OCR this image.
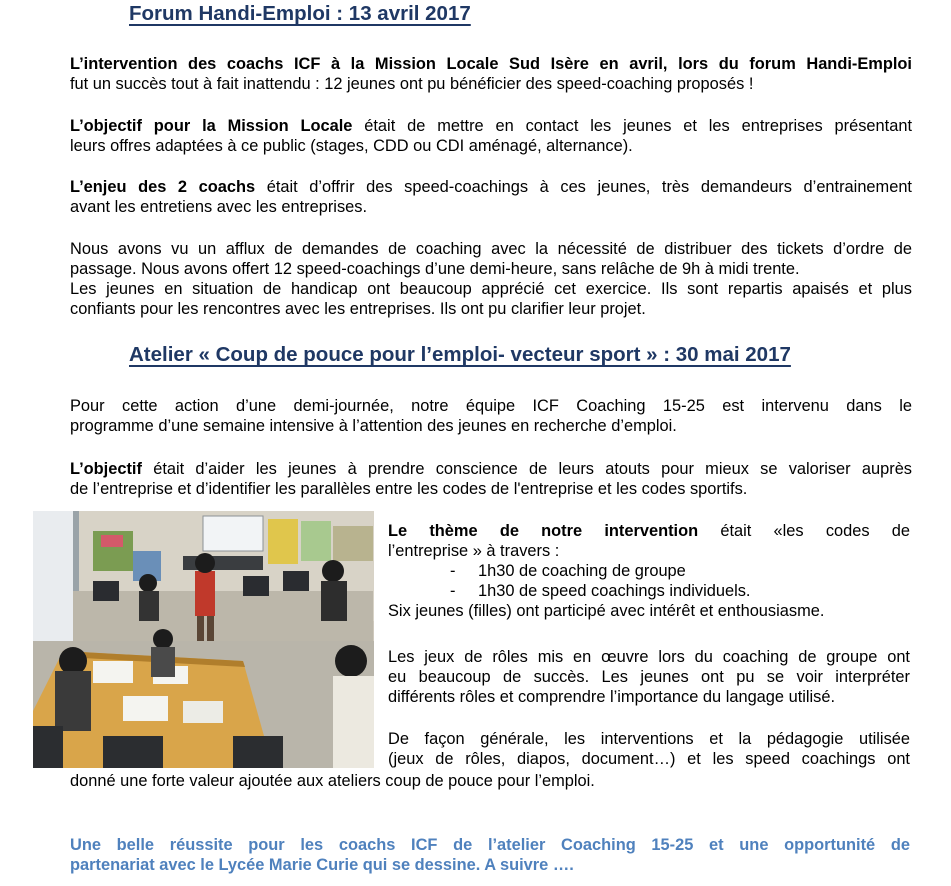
Forum Handi-Emploi : 13 avril 2017

L’intervention des coachs ICF à la Mission Locale Sud Isère en avril, lors du forum Handi-Emploi
fut un succès tout à fait inattendu : 12 jeunes ont pu bénéficier des speed-coaching proposés !

L’objectif pour la Mission Locale était de mettre en contact les jeunes et les entreprises présentant
leurs offres adaptées à ce public (stages, CDD ou CDI aménagé, alternance).

L’enjeu des 2 coachs était d’offrir des speed-coachings à ces jeunes, très demandeurs d’entrainement
avant les entretiens avec les entreprises.

Nous avons vu un afflux de demandes de coaching avec la nécessité de distribuer des tickets d’ordre de
passage. Nous avons offert 12 speed-coachings d’une demi-heure, sans relâche de 9h à midi trente.
Les jeunes en situation de handicap ont beaucoup apprécié cet exercice. Ils sont repartis apaisés et plus
confiants pour les rencontres avec les entreprises. Ils ont pu clarifier leur projet.

Atelier « Coup de pouce pour l’emploi- vecteur sport » : 30 mai 2017

Pour cette action d’une demi-journée, notre équipe ICF Coaching 15-25 est intervenu dans le
programme d’une semaine intensive à l’attention des jeunes en recherche d’emploi.

L’objectif était d’aider les jeunes à prendre conscience de leurs atouts pour mieux se valoriser auprès
de l’entreprise et d’identifier les parallèles entre les codes de l'entreprise et les codes sportifs.

Le thème de notre intervention était «les codes de
l’entreprise » à travers :
- 1h30 de coaching de groupe
- 1h30 de speed coachings individuels.
Six jeunes (filles) ont participé avec intérêt et enthousiasme.

Les jeux de rôles mis en œuvre lors du coaching de groupe ont
eu beaucoup de succès. Les jeunes ont pu se voir interpréter
différents rôles et comprendre l’importance du langage utilisé.

De façon générale, les interventions et la pédagogie utilisée
(jeux de rôles, diapos, document…) et les speed coachings ont

donné une forte valeur ajoutée aux ateliers coup de pouce pour l’emploi.

Une belle réussite pour les coachs ICF de l’atelier Coaching 15-25 et une opportunité de
partenariat avec le Lycée Marie Curie qui se dessine. A suivre ….
